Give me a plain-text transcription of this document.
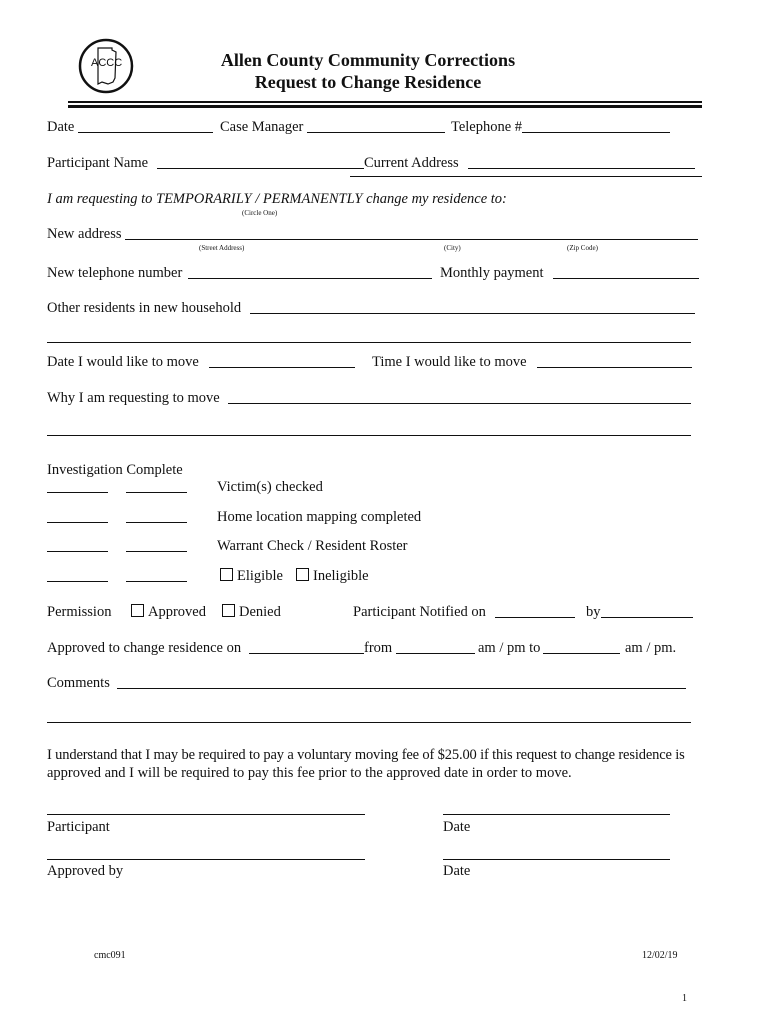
ACCC	Allen County Community Corrections
Request to Change Residence
Date	Case Manager	Telephone #
Participant Name	Current Address
I am requesting to TEMPORARILY / PERMANENTLY change my residence to:
(Circle One)
New address
(Street Address)	(City)	(Zip Code)
New telephone number	Monthly payment
Other residents in new household
Date I would like to move	Time I would like to move
Why I am requesting to move
Investigation Complete
Victim(s) checked
Home location mapping completed
Warrant Check / Resident Roster
Eligible	Ineligible
Permission	Approved	Denied	Participant Notified on	by
Approved to change residence on	from	am / pm to	am / pm.
Comments
I understand that I may be required to pay a voluntary moving fee of $25.00 if this request to change residence is
approved and I will be required to pay this fee prior to the approved date in order to move.
Participant	Date
Approved by	Date
cmc091	12/02/19
1
